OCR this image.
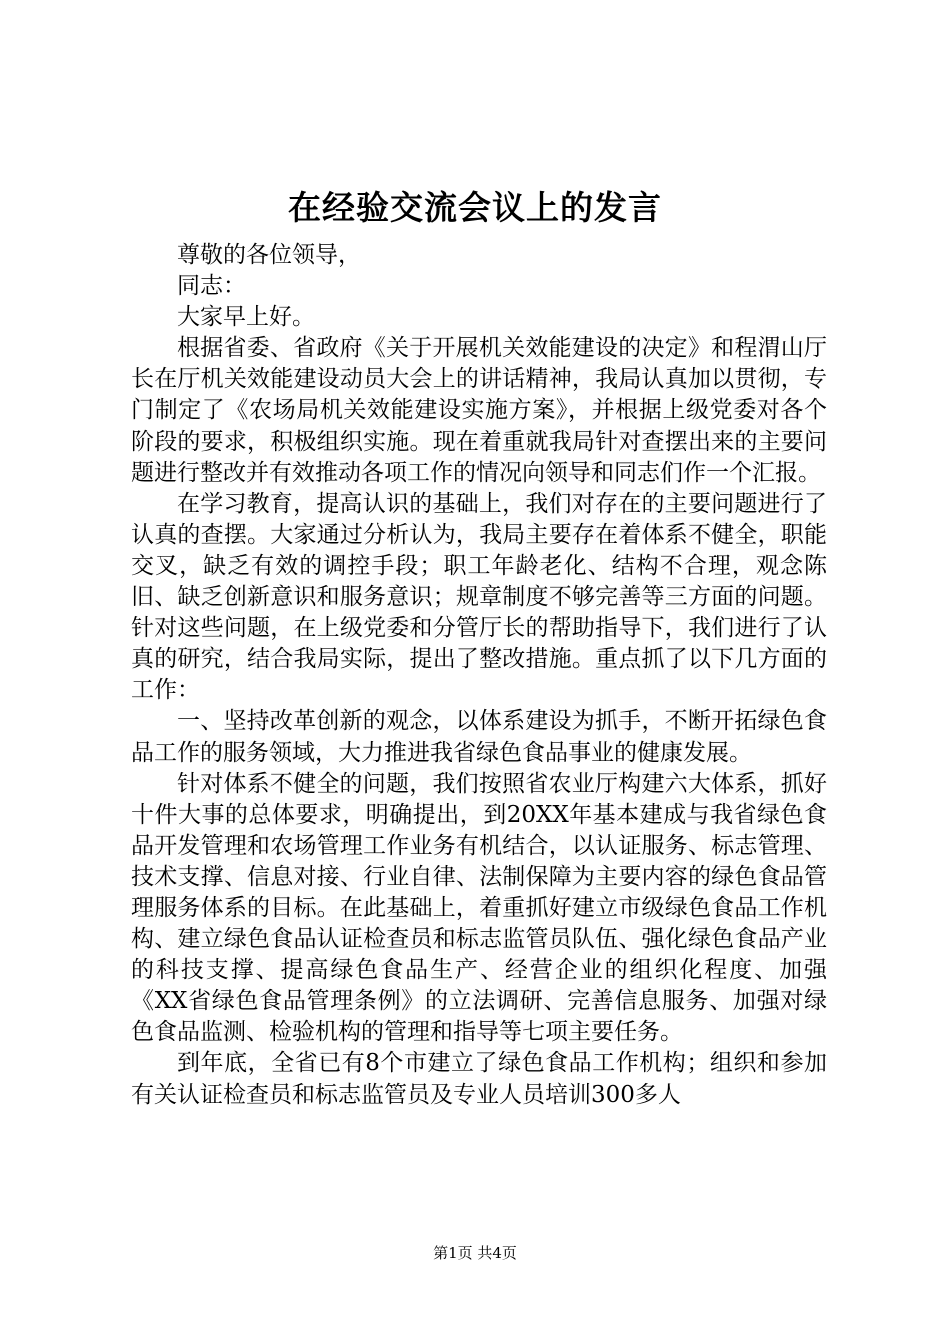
在经验交流会议上的发言

尊敬的各位领导，

同志：

大家早上好。

根据省委、省政府《关于开展机关效能建设的决定》和程渭山厅长在厅机关效能建设动员大会上的讲话精神，我局认真加以贯彻，专门制定了《农场局机关效能建设实施方案》，并根据上级党委对各个阶段的要求，积极组织实施。现在着重就我局针对查摆出来的主要问题进行整改并有效推动各项工作的情况向领导和同志们作一个汇报。

在学习教育，提高认识的基础上，我们对存在的主要问题进行了认真的查摆。大家通过分析认为，我局主要存在着体系不健全，职能交叉，缺乏有效的调控手段；职工年龄老化、结构不合理，观念陈旧、缺乏创新意识和服务意识；规章制度不够完善等三方面的问题。针对这些问题，在上级党委和分管厅长的帮助指导下，我们进行了认真的研究，结合我局实际，提出了整改措施。重点抓了以下几方面的工作：

一、坚持改革创新的观念，以体系建设为抓手，不断开拓绿色食品工作的服务领域，大力推进我省绿色食品事业的健康发展。

针对体系不健全的问题，我们按照省农业厅构建六大体系，抓好十件大事的总体要求，明确提出，到20XX年基本建成与我省绿色食品开发管理和农场管理工作业务有机结合，以认证服务、标志管理、技术支撑、信息对接、行业自律、法制保障为主要内容的绿色食品管理服务体系的目标。在此基础上，着重抓好建立市级绿色食品工作机构、建立绿色食品认证检查员和标志监管员队伍、强化绿色食品产业的科技支撑、提高绿色食品生产、经营企业的组织化程度、加强《XX省绿色食品管理条例》的立法调研、完善信息服务、加强对绿色食品监测、检验机构的管理和指导等七项主要任务。

到年底，全省已有8个市建立了绿色食品工作机构；组织和参加有关认证检查员和标志监管员及专业人员培训300多人

第1页 共4页
